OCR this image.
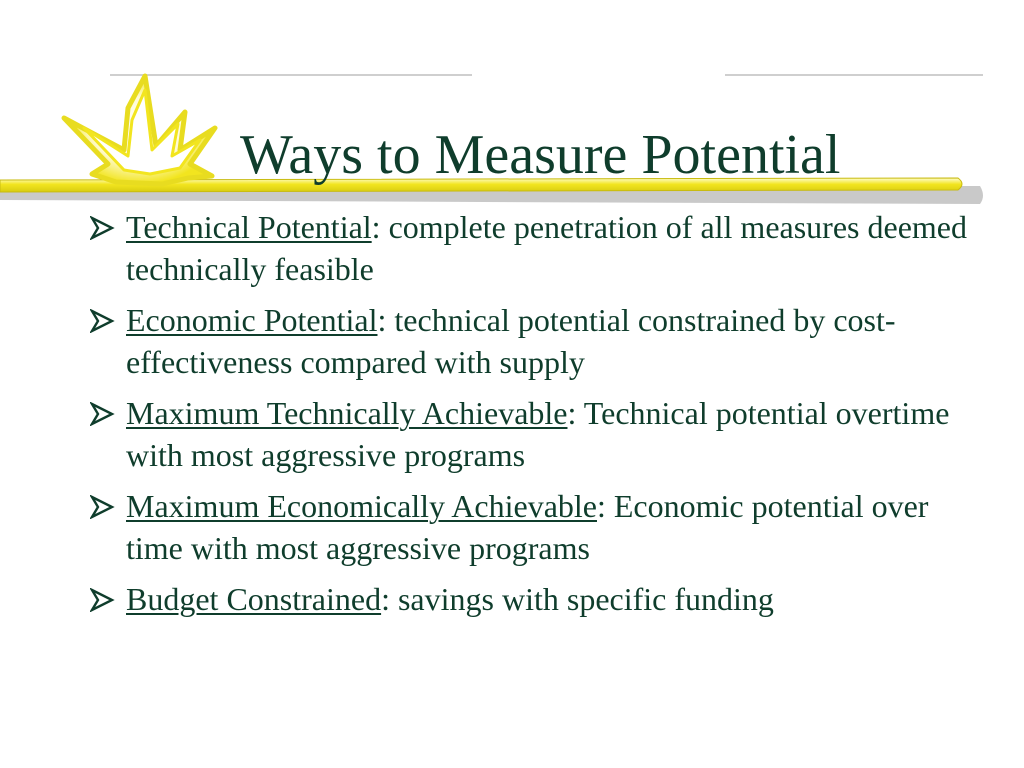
Ways to Measure Potential
Technical Potential: complete penetration of all measures deemed technically feasible
Economic Potential: technical potential constrained by cost-effectiveness compared with supply
Maximum Technically Achievable: Technical potential overtime with most aggressive programs
Maximum Economically Achievable: Economic potential over time with most aggressive programs
Budget Constrained: savings with specific funding
